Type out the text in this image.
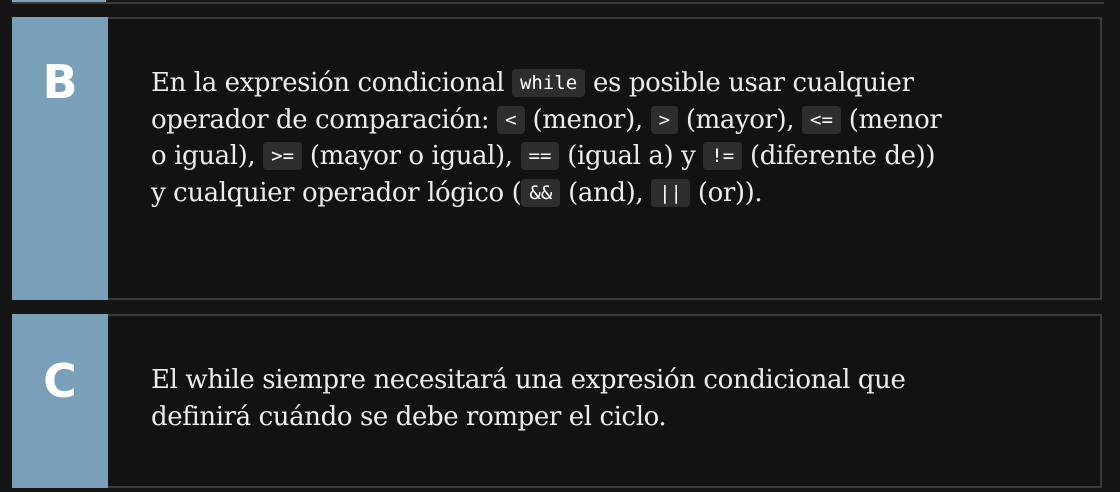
B	En la expresión condicional while es posible usar cualquier operador de comparación: < (menor), > (mayor), <= (menor o igual), >= (mayor o igual), == (igual a) y != (diferente de)) y cualquier operador lógico ( && (and), || (or)).
C	El while siempre necesitará una expresión condicional que definirá cuándo se debe romper el ciclo.
